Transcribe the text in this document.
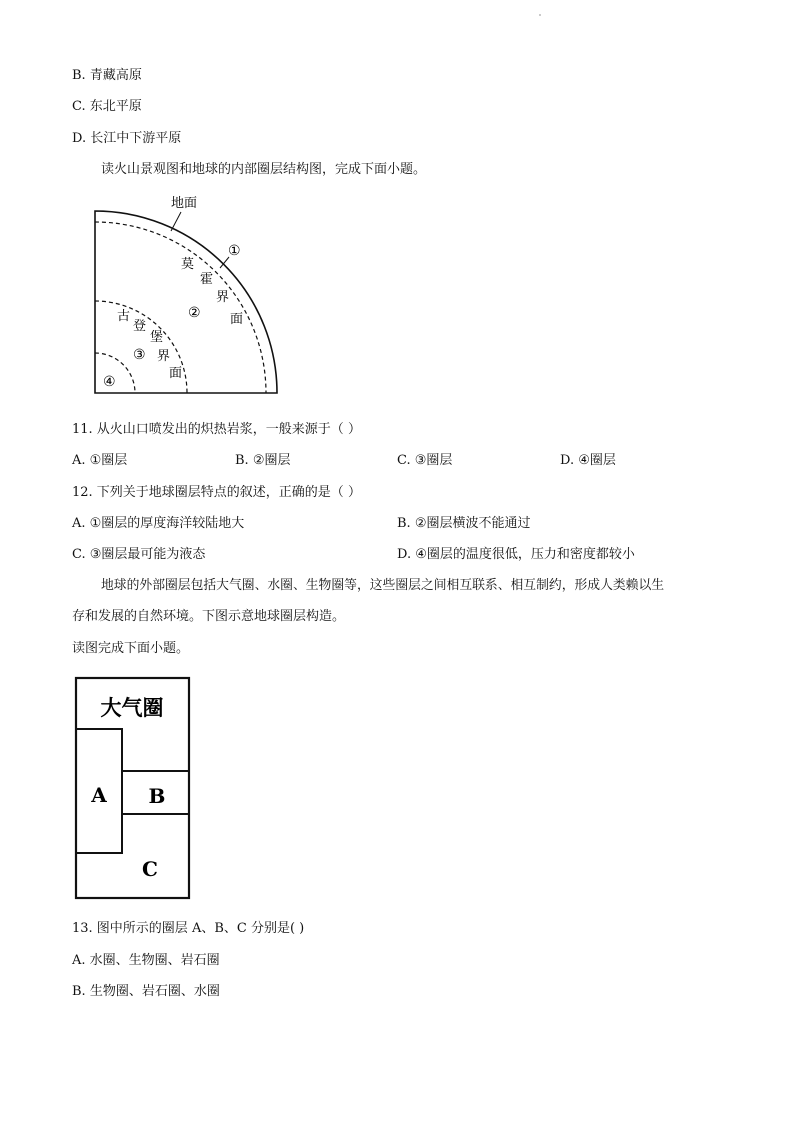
B. 青藏高原
C. 东北平原
D. 长江中下游平原
读火山景观图和地球的内部圈层结构图，完成下面小题。
地面
①
莫
霍
界
面
②
古
登
堡
③ 界
面
④
11. 从火山口喷发出的炽热岩浆，一般来源于（ ）
A. ①圈层	B. ②圈层	C. ③圈层	D. ④圈层
12. 下列关于地球圈层特点的叙述，正确的是（ ）
A. ①圈层的厚度海洋较陆地大	B. ②圈层横波不能通过
C. ③圈层最可能为液态	D. ④圈层的温度很低，压力和密度都较小
地球的外部圈层包括大气圈、水圈、生物圈等，这些圈层之间相互联系、相互制约，形成人类赖以生
存和发展的自然环境。下图示意地球圈层构造。
读图完成下面小题。
大气圈
A B
C
13. 图中所示的圈层 A、B、C 分别是( )
A. 水圈、生物圈、岩石圈
B. 生物圈、岩石圈、水圈
